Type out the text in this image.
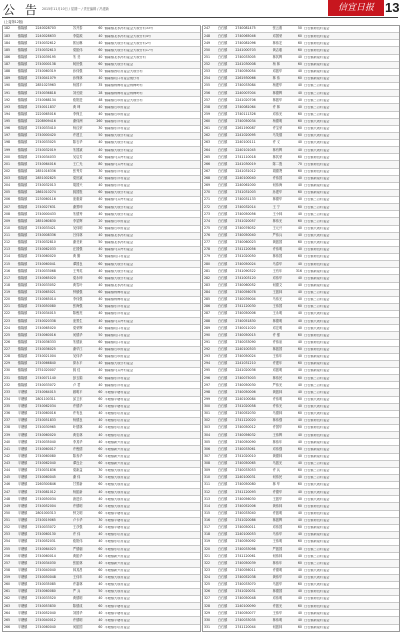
公 告 2015年11月10日 / 星期一 / 责任编辑 / 冯建新	信宜日报 13
(上接第12版)
182	镇隆镇	2240028703	苏开泰	60 镇隆镇龙水河村委会大坡仔村33号
183	镇隆镇	2240028633	李铭源	40 镇隆镇龙水河村委会大坡仔村4号
184	镇隆镇	2740032612	郭运琳	40 镇隆镇大坡仔村委会大坡仔村2号
185	镇隆镇	2740032613	梁振伟	60 镇隆镇大坡仔村委会大坡仔村17号
186	镇隆镇	2740039195	朱 叁	40 镇隆镇龙水河村委会大坡仔村
187	镇隆镇	2740000138	柯世强	60 镇隆镇大坡仔村委会
188	镇隆镇	2740060319	孙伟强	70 镇隆镇西坑村委会大坡仔村
189	镇隆镇	2740041079	孙保林	40 镇隆镇坑口村委会榄仔村
190	镇隆镇	2851023963	杨国平	35 镇隆镇杨梅村委会杨梅岭村
191	镇隆镇	2740036818	刘长缀	28 镇隆镇杨梅村委会杨梅岭村
192	镇隆镇	2740068134	欧阳进	48 镇隆镇石坝村委会大坡仔村
193	镇隆镇	2740011837	黄 坤	40 镇隆镇石坝村委会
194	镇隆镇	2220065016	李保卫	40 镇隆镇石坝村委会
195	镇隆镇	2208909416	谢伟洲	260 镇隆镇东岸村委会
196	镇隆镇	2740033410	杨汉荣	30 镇隆镇东岸村委会
197	镇隆镇	2740000420	许建卫	50 镇隆镇大坡仔村委会
198	镇隆镇	2740033025	陈石华	40 镇隆镇大坡仔村委会
199	镇隆镇	2740032019	朱国斌	40 镇隆镇大坡仔村委会
200	镇隆镇	2740034033	吴启芳	60 镇隆镇马头坪村委会
201	镇隆镇	2740064016	王仁光	80 镇隆镇马头坪村委会
202	镇隆镇	2851016336	张秀芳	30 镇隆镇东岸村委会
203	镇隆镇	2851002825	梁世斌	40 镇隆镇东岸村委会
204	镇隆镇	2740032013	胡国兴	40 镇隆镇东岸村委会
205	镇隆镇	2861010274	姚国胜	60 镇隆镇大坡仔村委会
206	镇隆镇	2230060116	庞惠菊	40 镇隆镇马头坪村委会
207	镇隆镇	2740027631	谢景坤	60 镇隆镇大坡仔村委会
208	镇隆镇	2740000433	朱德秀	40 镇隆镇大坡仔村委会
209	镇隆镇	2851060830	李星辉	20 镇隆镇石坝村委会
210	镇隆镇	2740033421	吴伟明	30 镇隆镇石坝村委会
211	镇隆镇	2740008336	吕伟林	40 镇隆镇龙水河村委会
212	镇隆镇	2740032810	谢叁来	50 镇隆镇龙水河村委会
213	镇隆镇	2740062033	汪国强	40 镇隆镇马头坪村委会
214	镇隆镇	2740060020	黄 勤	30 镇隆镇坑口村委会
215	镇隆镇	2740060041	谭国良	60 镇隆镇大坡仔村委会
216	镇隆镇	2740033068	王秀英	40 镇隆镇大坡仔村委会
217	镇隆镇	2740065020	梁永坤	60 镇隆镇大坡仔村委会
218	镇隆镇	2740033052	黄雪叶	40 镇隆镇龙水河村委会
219	镇隆镇	2740065021	钟镇强	60 镇隆镇杨梅村委会
220	镇隆镇	2740065014	李伟强	40 镇隆镇杨梅村委会
221	镇隆镇	2740050080	张海强	30 镇隆镇东岸村委会
222	镇隆镇	2740034015	陈俊亮	40 镇隆镇东岸村委会
223	镇隆镇	2740020338	庞景生	40 镇隆镇马头坪村委会
224	镇隆镇	2740065020	梁荣辉	40 镇隆镇坑口村委会
225	镇隆镇	2740060016	何德华	50 镇隆镇坑口村委会
226	镇隆镇	2740036333	朱德泉	60 镇隆镇坑口村委会
227	镇隆镇	2740036025	谢华江	40 镇隆镇石坝村委会
228	镇隆镇	2740021004	吴伟华	60 镇隆镇石坝村委会
229	镇隆镇	2740066840	廖永平	40 镇隆镇大坡仔村委会
230	镇隆镇	2751020007	姚 佳	40 镇隆镇马头坪村委会
231	镇隆镇	2740071140	彭玉娟	60 镇隆镇东岸村委会
232	镇隆镇	2740033072	卢 君	40 镇隆镇东岸村委会
233	平塘镇	2740064015	顾明平	60 平塘镇平塘村委会
234	平塘镇	2801100311	邱卫东	60 平塘镇平塘村委会
235	平塘镇	2740062034	许德华	40 平塘镇平塘村委会
236	平塘镇	2740060016	许有良	40 平塘镇东坑村委会
237	平塘镇	2740051833	杨德良	40 平塘镇东坑村委会
238	平塘镇	2740030965	叶德林	40 平塘镇东坑村委会
239	平塘镇	2740060020	黄忠林	40 平塘镇东坑村委会
240	平塘镇	2740035040	李其华	40 平塘镇新兴村委会
241	平塘镇	2740060017	许俊德	60 平塘镇新兴村委会
242	平塘镇	2740060080	陈寿华	60 平塘镇新兴村委会
243	平塘镇	2740062040	谭良全	60 平塘镇新兴村委会
244	平塘镇	2740031836	梁新益	30 平塘镇大坡村委会
245	平塘镇	2740060045	谢 伟	30 平塘镇大坡村委会
246	平塘镇	2260300846	甘景新	60 平塘镇大坡村委会
247	平塘镇	2740081012	杨振新	40 平塘镇大坡村委会
248	平塘镇	2740050034	唐进乐	40 平塘镇大坡村委会
249	平塘镇	2740052004	许德明	40 平塘镇大坡村委会
250	平塘镇	2801000313	钟文明	60 平塘镇平塘村委会
251	平塘镇	2740019065	卢卡华	30 平塘镇平塘村委会
252	平塘镇	2740033072	王彦强	40 平塘镇平塘村委会
253	平塘镇	2740060130	许 伟	40 平塘镇东坑村委会
254	平塘镇	2740052031	欧阳伟	40 平塘镇东坑村委会
255	平塘镇	2740064023	严德朝	60 平塘镇东坑村委会
256	平塘镇	2740060014	黄振华	40 平塘镇新兴村委会
257	平塘镇	2740034030	张振林	40 平塘镇新兴村委会
258	平塘镇	2740040040	林其昌	60 平塘镇新兴村委会
259	平塘镇	2740050048	王伟年	40 平塘镇大坡村委会
260	平塘镇	2740035085	许嘉林	40 平塘镇大坡村委会
261	平塘镇	2740060080	严 兵	50 平塘镇大坡村委会
262	平塘镇	2740033520	黄德明	40 平塘镇大坡村委会
263	平塘镇	2740053830	陈德成	60 平塘镇平塘村委会
264	平塘镇	2740052040	刘国华	40 平塘镇平塘村委会
265	平塘镇	2740040012	许德明	40 平塘镇平塘村委会
266	平塘镇	2740060040	何振国	60 平塘镇东坑村委会
247	白石镇	2740081475	张云惠	50 白石镇荷包村委会
248	白石镇	2740065046	邓国荣	60 白石镇荷包村委会
249	白石镇	2740081096	林伟宏	60 白石镇荷包村委会
250	白石镇	2241000703	黄志聪	60 白石镇荷包村委会
251	白石镇	2740033005	林其辉	40 白石镇新屋村委会
252	白石镇	2241030008	杨 林	60 白石镇新屋村委会
253	白石镇	2740050054	邓振华	40 白石镇新屋村委会
254	白石镇	2261930066	林 伟	60 白石镇新屋村委会
255	白石镇	2740033084	杨建华	40 白石镇三合村委会
256	白石镇	2240007004	林德辉	40 白石镇三合村委会
257	白石镇	2241020706	林振华	40 白石镇三合村委会
258	白石镇	2740081064	许 林	40 白石镇三合村委会
259	白石镇	2740111326	邓伟光	60 白石镇三合村委会
260	白石镇	2740050034	杨德明	60 白石镇大坡村委会
261	白石镇	2261190087	许宝荣	60 白石镇大坡村委会
262	白石镇	2241020095	马茂德	60 白石镇大坡村委会
263	白石镇	2240100111	许 义	40 白石镇大坡村委会
264	白石镇	2240101045	林有辉	40 白石镇大坡村委会
265	白石镇	2741110018	林其荣	60 白石镇荷包村委会
266	白石镇	2241030019	陈二胜	70 白石镇荷包村委会
267	白石镇	2241031012	胡德贤	60 白石镇荷包村委会
268	白石镇	2240100040	许伟国	40 白石镇新屋村委会
269	白石镇	2240061000	何伟海	40 白石镇新屋村委会
270	白石镇	2741031003	孙建华	60 白石镇新屋村委会
271	白石镇	2740031133	林德华	40 白石镇三合村委会
272	白石镇	2740032014	王 宁	60 白石镇三合村委会
273	白石镇	2740050056	王小林	40 白石镇三合村委会
274	白石镇	2741020057	林伟光	60 白石镇三合村委会
275	白石镇	2740076052	王元兴	40 白石镇大坡村委会
276	白石镇	2740050040	严伟兵	40 白石镇大坡村委会
277	白石镇	2740060023	黄振国	60 白石镇大坡村委会
278	白石镇	2741120056	许伟明	40 白石镇荷包村委会
279	白石镇	2741020050	林伟国	60 白石镇荷包村委会
280	白石镇	2740050024	马春华	40 白石镇荷包村委会
281	白石镇	2741090322	王有年	316 白石镇新屋村委会
282	白石镇	2741003120	邓伟华	40 白石镇新屋村委会
283	白石镇	2740060052	何德文	40 白石镇新屋村委会
284	白石镇	2740056078	王振林	40 白石镇三合村委会
285	白石镇	2740039004	马伟光	40 白石镇三合村委会
286	白石镇	2741120030	王伟国	60 白石镇三合村委会
287	白石镇	2740050006	王永明	40 白石镇大坡村委会
288	白石镇	2740051830	林德明	40 白石镇大坡村委会
289	白石镇	2740011020	邓宏明	40 白石镇大坡村委会
290	白石镇	2740050015	许 强	60 白石镇荷包村委会
291	白石镇	2740033090	许伟泉	40 白石镇荷包村委会
292	白石镇	2240100303	林振国	60 白石镇荷包村委会
293	白石镇	2740050024	王伟年	40 白石镇新屋村委会
294	白石镇	2241031210	许建年	60 白石镇新屋村委会
295	白石镇	2241020036	邓振明	40 白石镇新屋村委会
296	白石镇	2740075003	林伟民	60 白石镇三合村委会
297	白石镇	2740050030	严伟光	40 白石镇三合村委会
298	白石镇	2740050006	黄振林	40 白石镇三合村委会
299	白石镇	2240100084	许伟明	60 白石镇大坡村委会
300	白石镇	2741020058	许伟光	40 白石镇大坡村委会
301	白石镇	2740052030	马德林	60 白石镇大坡村委会
302	白石镇	2741120020	林伟强	40 白石镇荷包村委会
303	白石镇	2740050012	许国华	60 白石镇荷包村委会
304	白石镇	2740056032	王伟辉	40 白石镇荷包村委会
305	白石镇	2740050090	林伟年	40 白石镇新屋村委会
306	白石镇	2740033061	邓伟强	60 白石镇新屋村委会
307	白石镇	2741020010	黄德林	40 白石镇新屋村委会
308	白石镇	2740050065	马振光	40 白石镇三合村委会
309	白石镇	2740033053	许 兵	60 白石镇三合村委会
310	白石镇	2240100031	何伟民	40 白石镇三合村委会
311	白石镇	2740050080	林 华	60 白石镇大坡村委会
312	白石镇	2741120093	许德华	40 白石镇大坡村委会
313	白石镇	2740056030	王振华	40 白石镇大坡村委会
314	白石镇	2740052006	黄伟林	60 白石镇荷包村委会
315	白石镇	2740033040	许振明	40 白石镇荷包村委会
316	白石镇	2741020086	林振辉	40 白石镇荷包村委会
317	白石镇	2740050011	邓伟国	60 白石镇新屋村委会
318	白石镇	2240100053	马伟华	40 白石镇新屋村委会
319	白石镇	2740050092	王伟明	60 白石镇新屋村委会
320	白石镇	2740033098	严振国	40 白石镇三合村委会
321	白石镇	2741120061	何伟林	40 白石镇三合村委会
322	白石镇	2740050039	林伟年	60 白石镇三合村委会
323	白石镇	2740056011	许德明	40 白石镇大坡村委会
324	白石镇	2740052038	黄伟华	40 白石镇大坡村委会
325	白石镇	2740033070	马振华	60 白石镇大坡村委会
326	白石镇	2741020031	林德国	40 白石镇荷包村委会
327	白石镇	2740050048	邓伟明	40 白石镇荷包村委会
328	白石镇	2240100090	许振光	60 白石镇荷包村委会
329	白石镇	2740050077	王伟华	40 白石镇新屋村委会
330	白石镇	2740033035	林伟明	40 白石镇新屋村委会
331	白石镇	2741120044	何振林	60 白石镇新屋村委会
